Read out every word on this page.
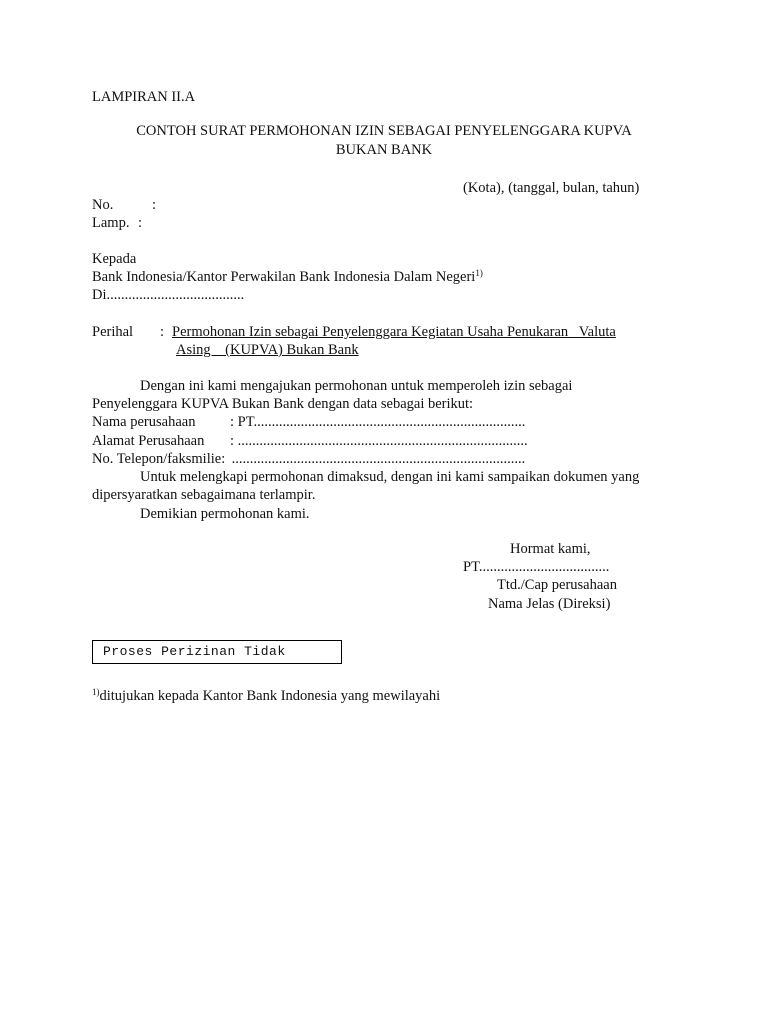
LAMPIRAN II.A
CONTOH SURAT PERMOHONAN IZIN SEBAGAI PENYELENGGARA KUPVA
BUKAN BANK
(Kota), (tanggal, bulan, tahun)
No.	:
Lamp. :
Kepada
Bank Indonesia/Kantor Perwakilan Bank Indonesia Dalam Negeri$^{1)}$
Di......................................
Perihal : Permohonan Izin sebagai Penyelenggara Kegiatan Usaha Penukaran   Valuta
Asing    (KUPVA) Bukan Bank
Dengan ini kami mengajukan permohonan untuk memperoleh izin sebagai
Penyelenggara KUPVA Bukan Bank dengan data sebagai berikut:
Nama perusahaan : PT...........................................................................
Alamat Perusahaan : ................................................................................
No. Telepon/faksmilie: .................................................................................
Untuk melengkapi permohonan dimaksud, dengan ini kami sampaikan dokumen yang
dipersyaratkan sebagaimana terlampir.
Demikian permohonan kami.
Hormat kami,
PT....................................
Ttd./Cap perusahaan
Nama Jelas (Direksi)
Proses Perizinan Tidak
$^{1)}$ditujukan kepada Kantor Bank Indonesia yang mewilayahi
